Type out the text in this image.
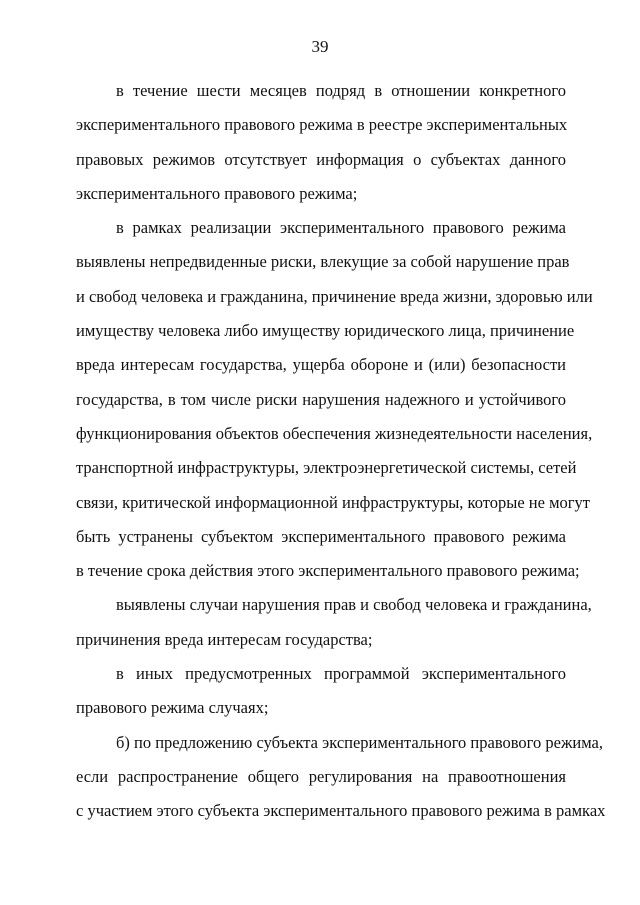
39
в течение шести месяцев подряд в отношении конкретного
экспериментального правового режима в реестре экспериментальных
правовых режимов отсутствует информация о субъектах данного
экспериментального правового режима;
в рамках реализации экспериментального правового режима
выявлены непредвиденные риски, влекущие за собой нарушение прав
и свобод человека и гражданина, причинение вреда жизни, здоровью или
имуществу человека либо имуществу юридического лица, причинение
вреда интересам государства, ущерба обороне и (или) безопасности
государства, в том числе риски нарушения надежного и устойчивого
функционирования объектов обеспечения жизнедеятельности населения,
транспортной инфраструктуры, электроэнергетической системы, сетей
связи, критической информационной инфраструктуры, которые не могут
быть устранены субъектом экспериментального правового режима
в течение срока действия этого экспериментального правового режима;
выявлены случаи нарушения прав и свобод человека и гражданина,
причинения вреда интересам государства;
в иных предусмотренных программой экспериментального
правового режима случаях;
б) по предложению субъекта экспериментального правового режима,
если распространение общего регулирования на правоотношения
с участием этого субъекта экспериментального правового режима в рамках
